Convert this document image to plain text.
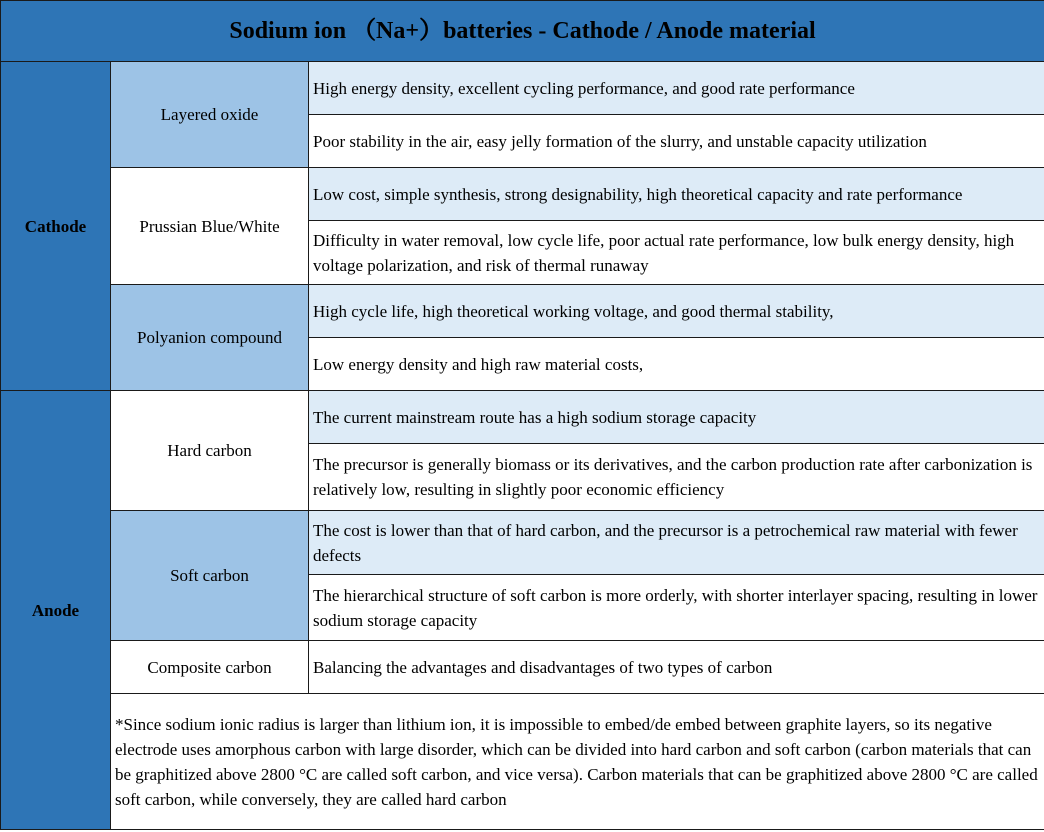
Sodium ion （Na+）batteries - Cathode / Anode material		
Cathode	Layered oxide	High energy density, excellent cycling performance, and good rate performance
		Poor stability in the air, easy jelly formation of the slurry, and unstable capacity utilization
	Prussian Blue/White	Low cost, simple synthesis, strong designability, high theoretical capacity and rate performance
		Difficulty in water removal, low cycle life, poor actual rate performance, low bulk energy density, high voltage polarization, and risk of thermal runaway
	Polyanion compound	High cycle life, high theoretical working voltage, and good thermal stability,
		Low energy density and high raw material costs,
Anode	Hard carbon	The current mainstream route has a high sodium storage capacity
		The precursor is generally biomass or its derivatives, and the carbon production rate after carbonization is relatively low, resulting in slightly poor economic efficiency
	Soft carbon	The cost is lower than that of hard carbon, and the precursor is a petrochemical raw material with fewer defects
		The hierarchical structure of soft carbon is more orderly, with shorter interlayer spacing, resulting in lower sodium storage capacity
	Composite carbon	Balancing the advantages and disadvantages of two types of carbon
	*Since sodium ionic radius is larger than lithium ion, it is impossible to embed/de embed between graphite layers, so its negative electrode uses amorphous carbon with large disorder, which can be divided into hard carbon and soft carbon (carbon materials that can be graphitized above 2800 °C are called soft carbon, and vice versa). Carbon materials that can be graphitized above 2800 °C are called soft carbon, while conversely, they are called hard carbon	
